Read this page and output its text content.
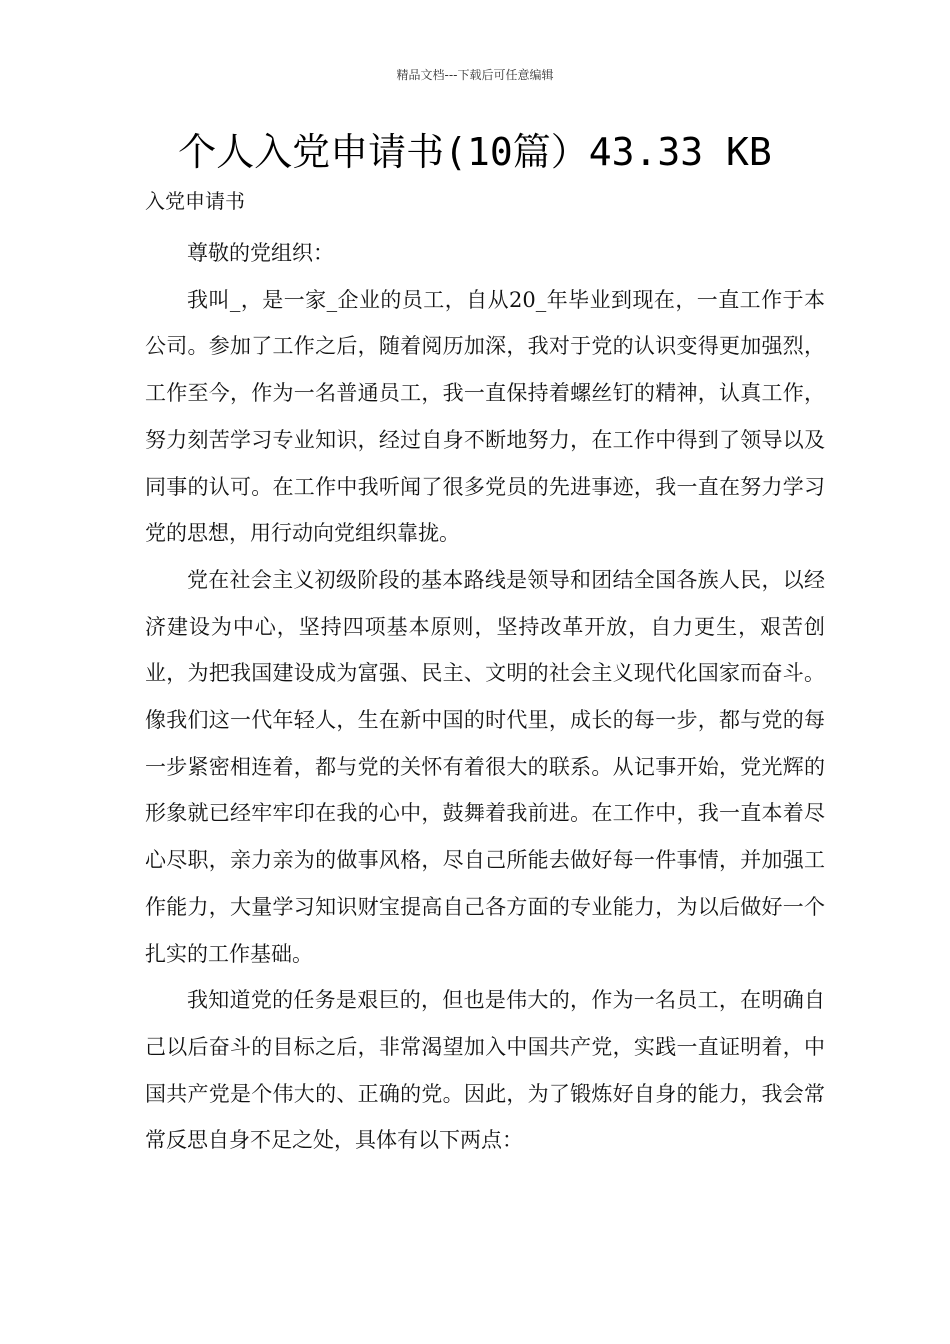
精品文档---下载后可任意编辑
个人入党申请书(10篇）43.33 KB
入党申请书

尊敬的党组织：

我叫_，是一家_企业的员工，自从20_年毕业到现在，一直工作于本公司。参加了工作之后，随着阅历加深，我对于党的认识变得更加强烈，工作至今，作为一名普通员工，我一直保持着螺丝钉的精神，认真工作，努力刻苦学习专业知识，经过自身不断地努力，在工作中得到了领导以及同事的认可。在工作中我听闻了很多党员的先进事迹，我一直在努力学习党的思想，用行动向党组织靠拢。

党在社会主义初级阶段的基本路线是领导和团结全国各族人民，以经济建设为中心，坚持四项基本原则，坚持改革开放，自力更生，艰苦创业，为把我国建设成为富强、民主、文明的社会主义现代化国家而奋斗。像我们这一代年轻人，生在新中国的时代里，成长的每一步，都与党的每一步紧密相连着，都与党的关怀有着很大的联系。从记事开始，党光辉的形象就已经牢牢印在我的心中，鼓舞着我前进。在工作中，我一直本着尽心尽职，亲力亲为的做事风格，尽自己所能去做好每一件事情，并加强工作能力，大量学习知识财宝提高自己各方面的专业能力，为以后做好一个扎实的工作基础。

我知道党的任务是艰巨的，但也是伟大的，作为一名员工，在明确自己以后奋斗的目标之后，非常渴望加入中国共产党，实践一直证明着，中国共产党是个伟大的、正确的党。因此，为了锻炼好自身的能力，我会常常反思自身不足之处，具体有以下两点：
